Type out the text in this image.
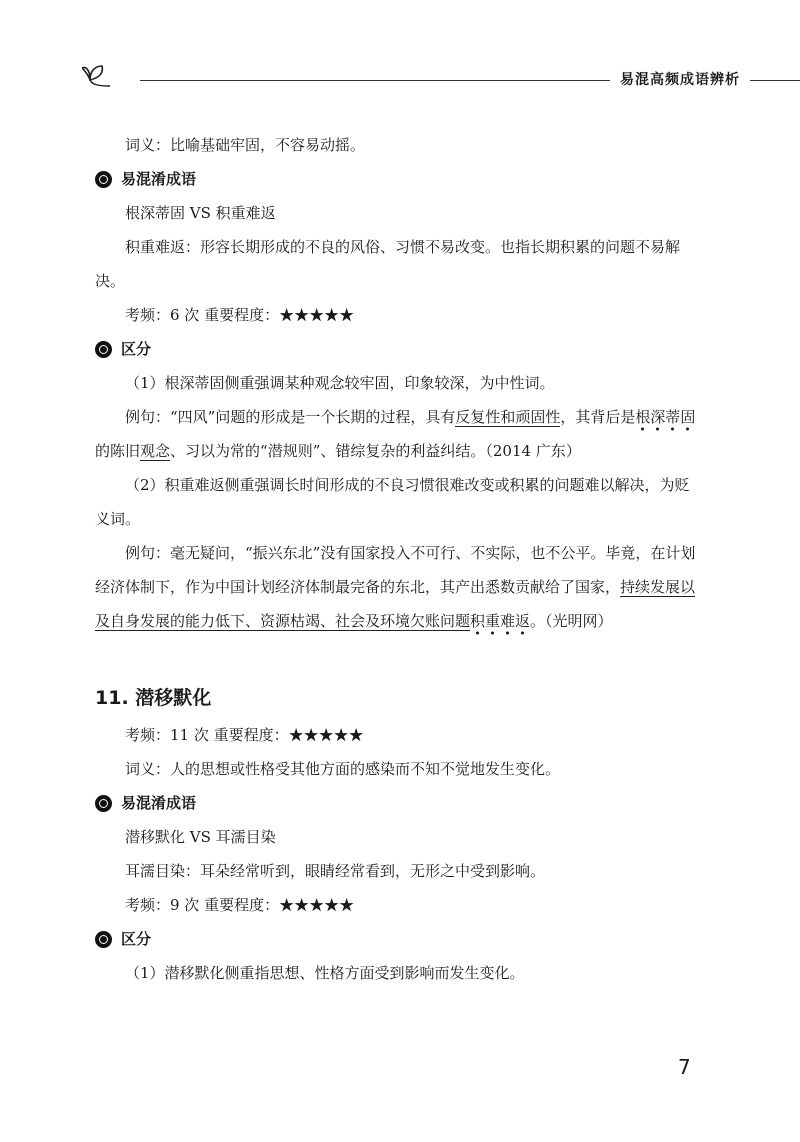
易混高频成语辨析

词义：比喻基础牢固，不容易动摇。

易混淆成语

根深蒂固 VS 积重难返

积重难返：形容长期形成的不良的风俗、习惯不易改变。也指长期积累的问题不易解决。

考频：6 次 重要程度：★★★★★

区分

（1）根深蒂固侧重强调某种观念较牢固，印象较深，为中性词。

例句：“四风”问题的形成是一个长期的过程，具有反复性和顽固性，其背后是根深蒂固的陈旧观念、习以为常的“潜规则”、错综复杂的利益纠结。（2014 广东）

（2）积重难返侧重强调长时间形成的不良习惯很难改变或积累的问题难以解决，为贬义词。

例句：毫无疑问，“振兴东北”没有国家投入不可行、不实际，也不公平。毕竟，在计划经济体制下，作为中国计划经济体制最完备的东北，其产出悉数贡献给了国家，持续发展以及自身发展的能力低下、资源枯竭、社会及环境欠账问题积重难返。（光明网）

11. 潜移默化

考频：11 次 重要程度：★★★★★

词义：人的思想或性格受其他方面的感染而不知不觉地发生变化。

易混淆成语

潜移默化 VS 耳濡目染

耳濡目染：耳朵经常听到，眼睛经常看到，无形之中受到影响。

考频：9 次 重要程度：★★★★★

区分

（1）潜移默化侧重指思想、性格方面受到影响而发生变化。

7
